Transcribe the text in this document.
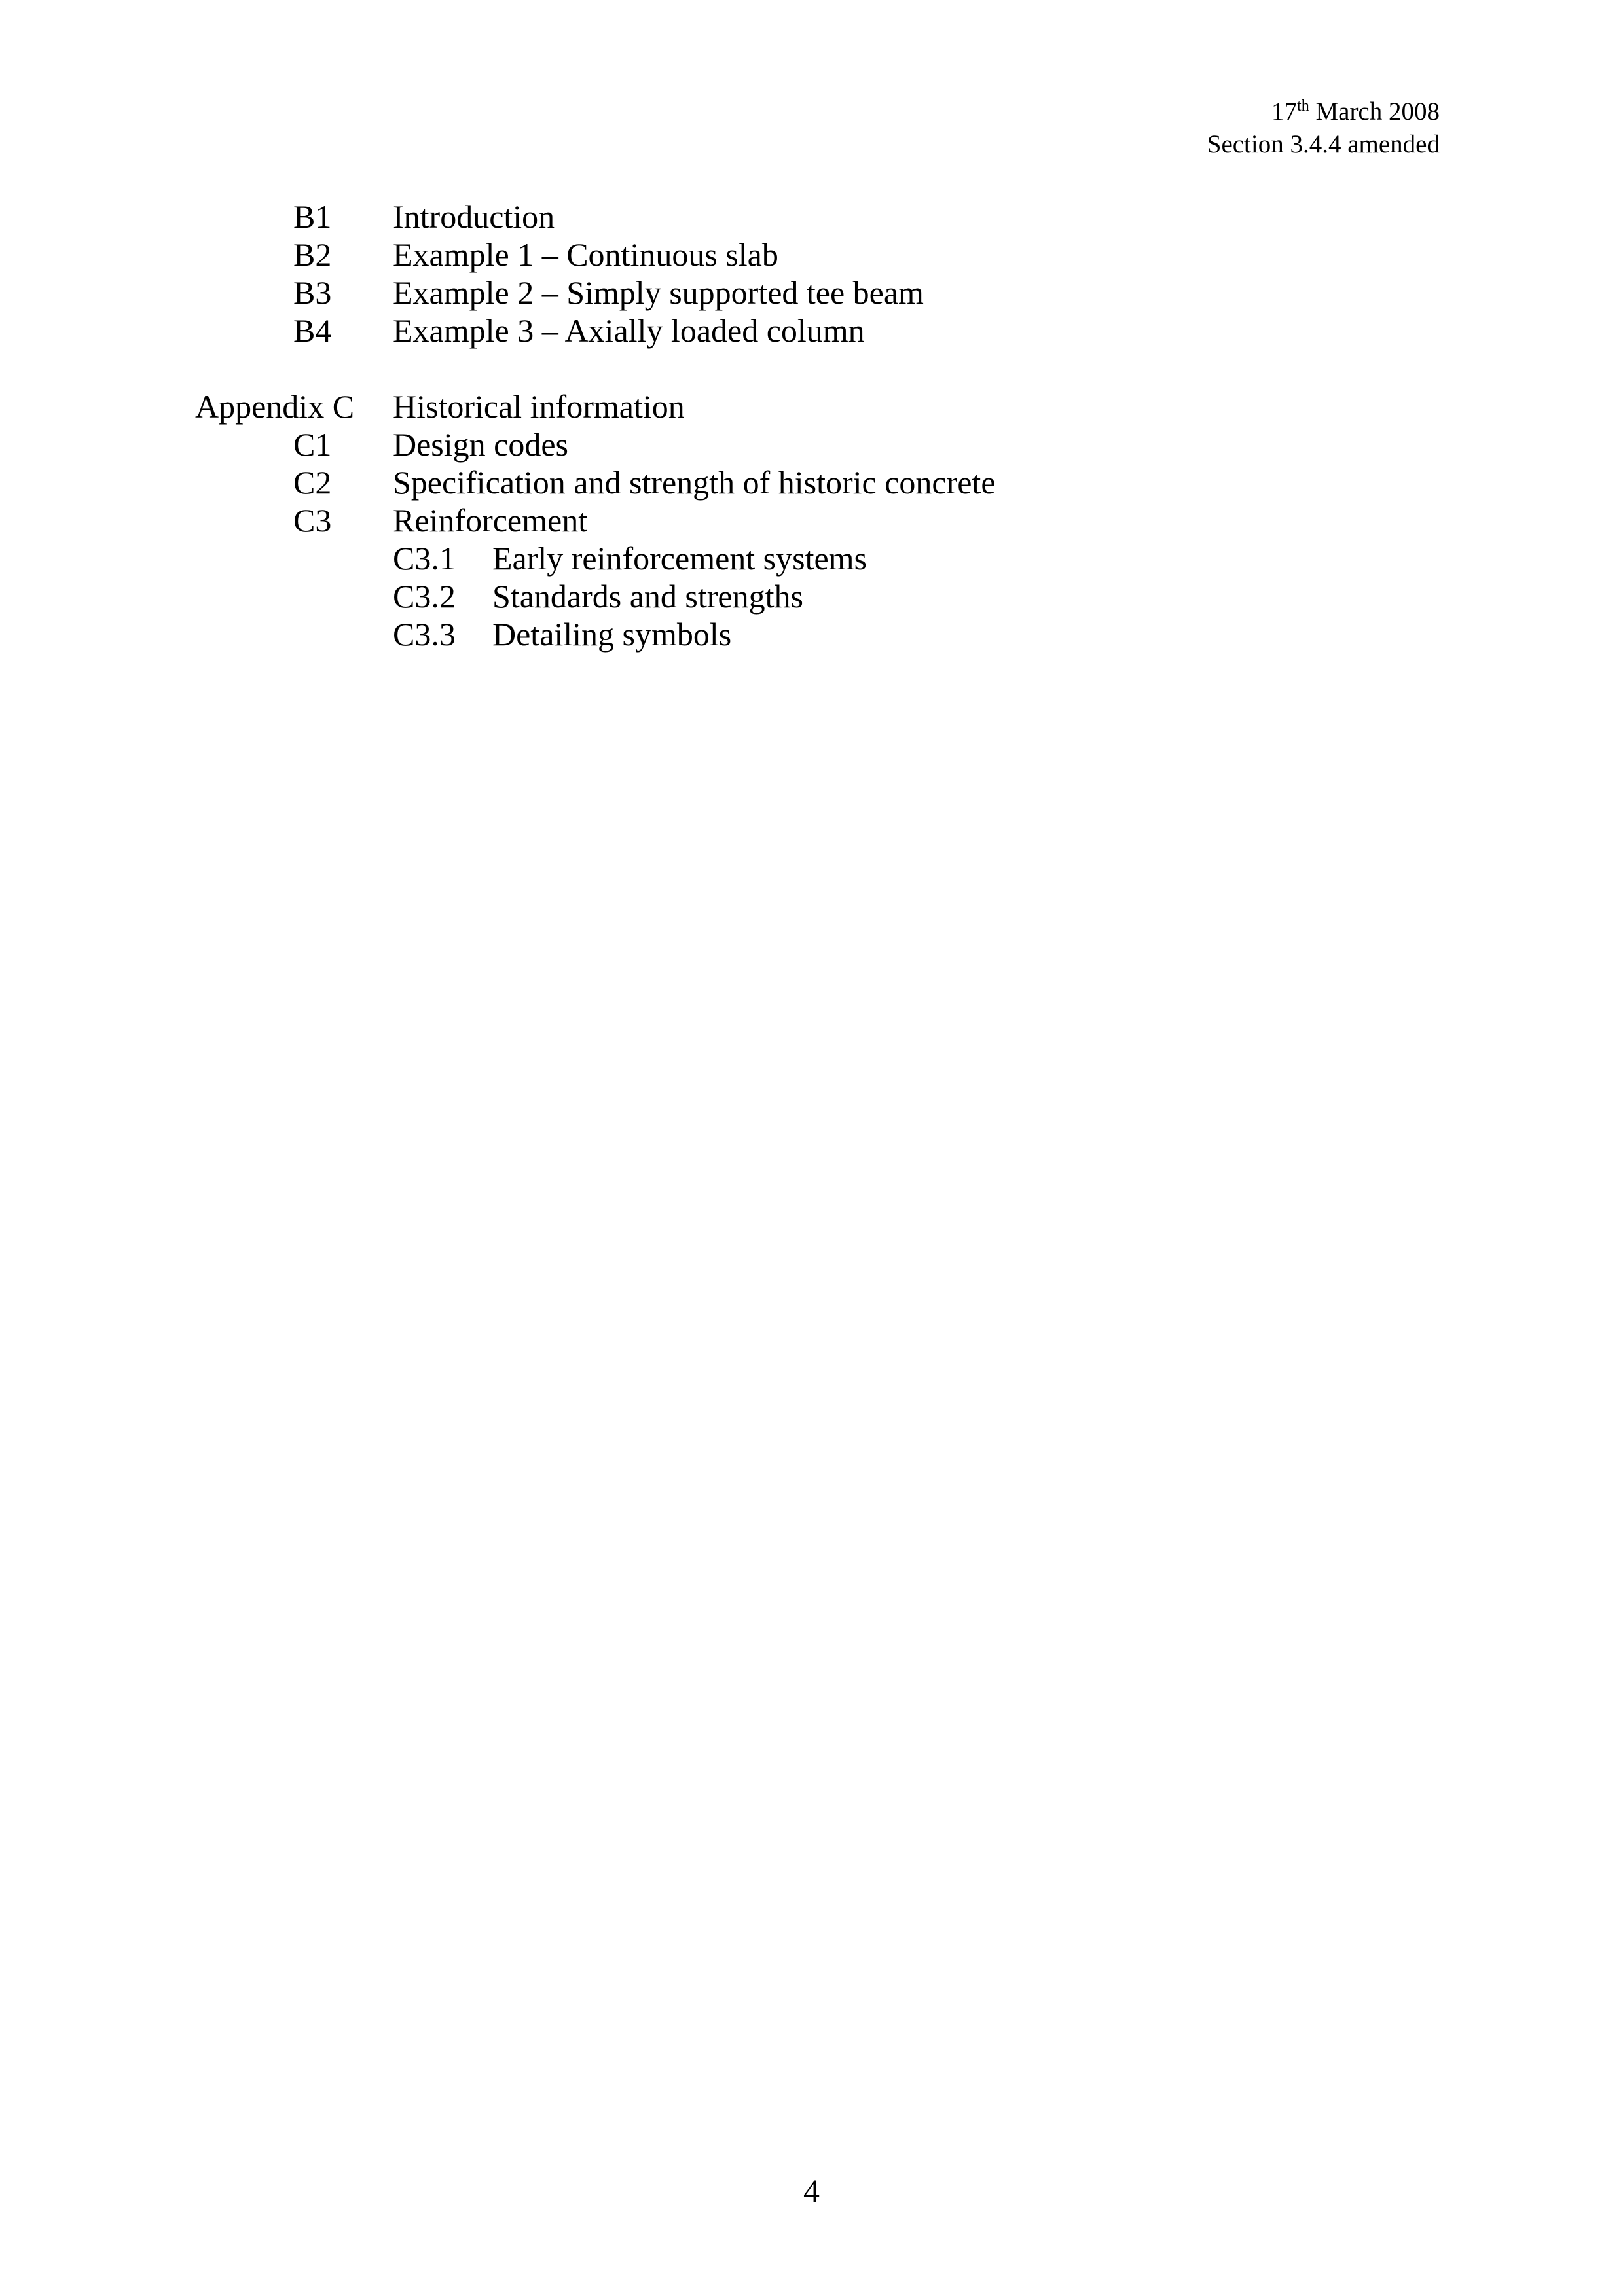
17th March 2008
Section 3.4.4 amended
B1 Introduction
B2 Example 1 – Continuous slab
B3 Example 2 – Simply supported tee beam
B4 Example 3 – Axially loaded column
Appendix C Historical information
C1 Design codes
C2 Specification and strength of historic concrete
C3 Reinforcement
C3.1 Early reinforcement systems
C3.2 Standards and strengths
C3.3 Detailing symbols
4
